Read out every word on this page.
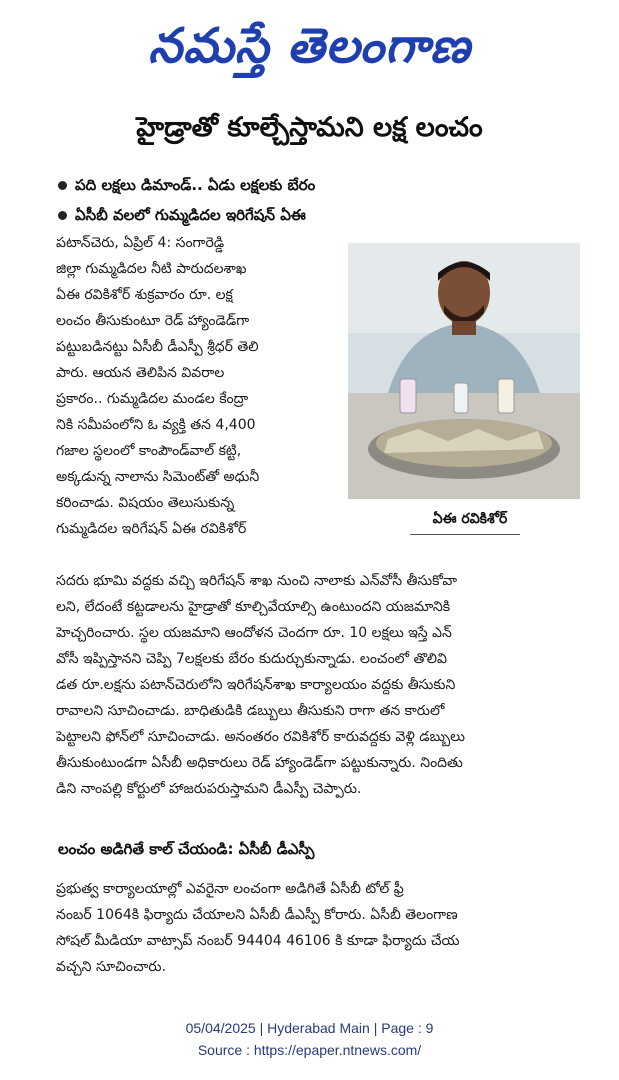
నమస్తే తెలంగాణ
హైడ్రాతో కూల్చేస్తామని లక్ష లంచం
పది లక్షలు డిమాండ్.. ఏడు లక్షలకు బేరం
ఏసీబీ వలలో గుమ్మడిదల ఇరిగేషన్ ఏఈ
ఏఈ రవికిశోర్
పటాన్‌చెరు, ఏప్రిల్ 4: సంగారెడ్డి
జిల్లా గుమ్మడిదల నీటి పారుదలశాఖ
ఏఈ రవికిశోర్ శుక్రవారం రూ. లక్ష
లంచం తీసుకుంటూ రెడ్ హ్యాండెడ్‌గా
పట్టుబడినట్టు ఏసీబీ డీఎస్పీ శ్రీధర్ తెలి
పారు. ఆయన తెలిపిన వివరాల
ప్రకారం.. గుమ్మడిదల మండల కేంద్రా
నికి సమీపంలోని ఓ వ్యక్తి తన 4,400
గజాల స్థలంలో కాంపౌండ్‌వాల్ కట్టి,
అక్కడున్న నాలాను సిమెంట్‌తో అధునీ
కరించాడు. విషయం తెలుసుకున్న
గుమ్మడిదల ఇరిగేషన్ ఏఈ రవికిశోర్
సదరు భూమి వద్దకు వచ్చి ఇరిగేషన్ శాఖ నుంచి నాలాకు ఎన్‌వోసీ తీసుకోవా
లని, లేదంటే కట్టడాలను హైడ్రాతో కూల్చివేయాల్సి ఉంటుందని యజమానికి
హెచ్చరించారు. స్థల యజమాని ఆందోళన చెందగా రూ. 10 లక్షలు ఇస్తే ఎన్
వోసీ ఇప్పిస్తానని చెప్పి 7లక్షలకు బేరం కుదుర్చుకున్నాడు. లంచంలో తొలివి
డత రూ.లక్షను పటాన్‌చెరులోని ఇరిగేషన్‌శాఖ కార్యాలయం వద్దకు తీసుకుని
రావాలని సూచించాడు. బాధితుడికి డబ్బులు తీసుకుని రాగా తన కారులో
పెట్టాలని ఫోన్‌లో సూచించాడు. అనంతరం రవికిశోర్ కారువద్దకు వెళ్లి డబ్బులు
తీసుకుంటుండగా ఏసీబీ అధికారులు రెడ్ హ్యాండెడ్‌గా పట్టుకున్నారు. నిందితు
డిని నాంపల్లి కోర్టులో హాజరుపరుస్తామని డీఎస్పీ చెప్పారు.
లంచం అడిగితే కాల్ చేయండి: ఏసీబీ డీఎస్పీ
ప్రభుత్వ కార్యాలయాల్లో ఎవరైనా లంచంగా అడిగితే ఏసీబీ టోల్ ఫ్రీ
నంబర్ 1064కి ఫిర్యాదు చేయాలని ఏసీబీ డీఎస్పీ కోరారు. ఏసీబీ తెలంగాణ
సోషల్ మీడియా వాట్సాప్ నంబర్ 94404 46106 కి కూడా ఫిర్యాదు చేయ
వచ్చని సూచించారు.
05/04/2025 | Hyderabad Main | Page : 9
Source : https://epaper.ntnews.com/
